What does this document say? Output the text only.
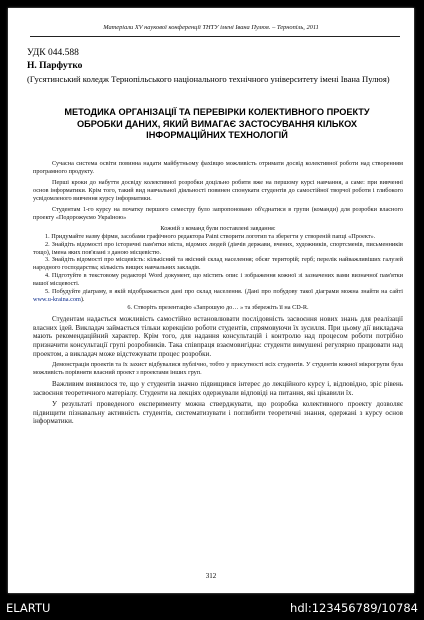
Матеріали XV наукової конференції ТНТУ імені Івана Пулюя. – Тернопіль, 2011
УДК 044.588
Н. Парфутко
(Гусятинський коледж Тернопільського національного технічного університету імені Івана Пулюя)
МЕТОДИКА ОРГАНІЗАЦІЇ ТА ПЕРЕВІРКИ КОЛЕКТИВНОГО ПРОЕКТУ ОБРОБКИ ДАНИХ, ЯКИЙ ВИМАГАЄ ЗАСТОСУВАННЯ КІЛЬКОХ ІНФОРМАЦІЙНИХ ТЕХНОЛОГІЙ

Сучасна система освіти повинна надати майбутньому фахівцю можливість отримати досвід колективної роботи над створенням програмного продукту.

Перші кроки до набуття досвіду колективної розробки доцільно робити вже на першому курсі навчання, а саме: при вивченні основ інформатики. Крім того, такий вид навчальної діяльності повинен спонукати студентів до самостійної творчої роботи і глибокого усвідомленого вивчення курсу інформатики.

Студентам 1-го курсу на початку першого семестру було запропоновано об'єднатися в групи (команди) для розробки власного проекту «Подорожуємо Україною»

Кожній з команд були поставлені завдання:

1. Придумайте назву фірми, засобами графічного редактора Paint створити логотип та зберегти у створеній папці «Проект».

2. Знайдіть відомості про історичні пам'ятки міста, відомих людей (діячів держави, вчених, художників, спортсменів, письменників тощо), імена яких пов'язані з даною місцевістю.

3. Знайдіть відомості про місцевість: кількісний та якісний склад населення; обсяг територій; герб; перелік найважливіших галузей народного господарства; кількість вищих навчальних закладів.

4. Підготуйте в текстовому редакторі Word документ, що містить опис і зображення кожної зі зазначених вами визначної пам'ятки вашої місцевості.

5. Побудуйте діаграму, в якій відображається дані про склад населення. (Дані про побудову такої діаграми можна знайти на сайті www.u-kraina.com).

6. Створіть презентацію «Запрошую до… » та збережіть її на CD-R.

Студентам надається можливість самостійно встановлювати послідовність засвоєння нових знань для реалізації власних ідей. Викладач займається тільки корекцією роботи студентів, спрямовуючи їх зусилля. При цьому дії викладача мають рекомендаційний характер. Крім того, для надання консультацій і контролю над процесом роботи потрібно призначити консультації групі розробників. Така співпраця взаємовигідна: студенти вимушені регулярно працювати над проектом, а викладач може відстежувати процес розробки.

Демонстрація проектів та їх захист відбувалися публічно, тобто у присутності всіх студентів. У студентів кожної мікрогрупи була можливість порівняти власний проект з проектами інших груп.

Важливим виявилося те, що у студентів значно підвищився інтерес до лекційного курсу і, відповідно, зріс рівень засвоєння теоретичного матеріалу. Студенти на лекціях одержували відповіді на питання, які цікавили їх.

У результаті проведеного експерименту можна стверджувати, що розробка колективного проекту дозволяє підвищити пізнавальну активність студентів, систематизувати і поглибити теоретичні знання, одержані з курсу основ інформатики.

312
ELARTU	hdl:123456789/10784
